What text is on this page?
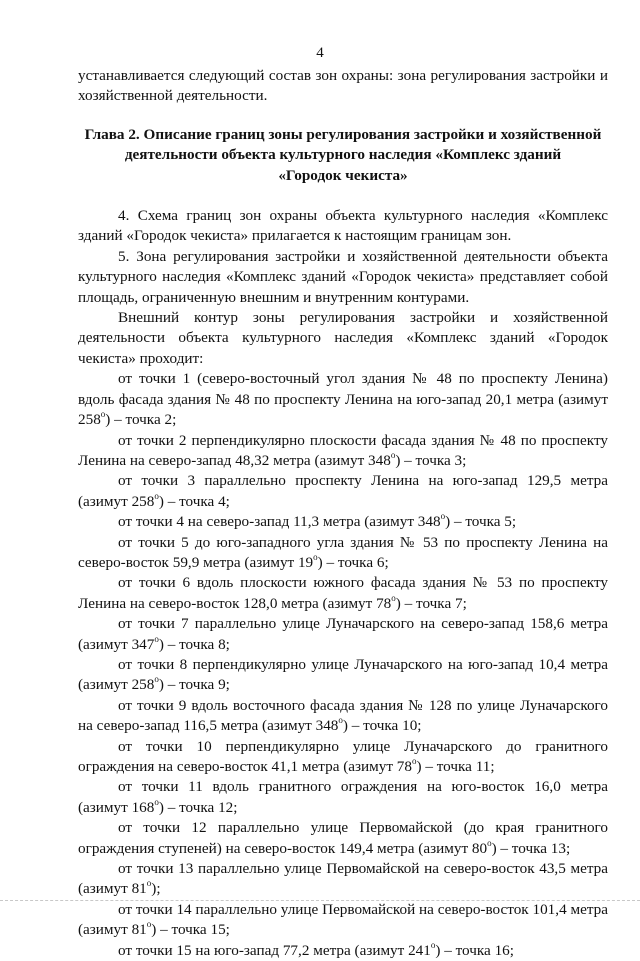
4

устанавливается следующий состав зон охраны: зона регулирования застройки и хозяйственной деятельности.

Глава 2. Описание границ зоны регулирования застройки и хозяйственной
деятельности объекта культурного наследия «Комплекс зданий
«Городок чекиста»

4. Схема границ зон охраны объекта культурного наследия «Комплекс зданий «Городок чекиста» прилагается к настоящим границам зон.

5. Зона регулирования застройки и хозяйственной деятельности объекта культурного наследия «Комплекс зданий «Городок чекиста» представляет собой площадь, ограниченную внешним и внутренним контурами.

Внешний контур зоны регулирования застройки и хозяйственной деятельности объекта культурного наследия «Комплекс зданий «Городок чекиста» проходит:

от точки 1 (северо-восточный угол здания № 48 по проспекту Ленина) вдоль фасада здания № 48 по проспекту Ленина на юго-запад 20,1 метра (азимут 258$^o$) – точка 2;

от точки 2 перпендикулярно плоскости фасада здания № 48 по проспекту Ленина на северо-запад 48,32 метра (азимут 348$^o$) – точка 3;

от точки 3 параллельно проспекту Ленина на юго-запад 129,5 метра (азимут 258$^o$) – точка 4;

от точки 4 на северо-запад 11,3 метра (азимут 348$^o$) – точка 5;

от точки 5 до юго-западного угла здания № 53 по проспекту Ленина на северо-восток 59,9 метра (азимут 19$^o$) – точка 6;

от точки 6 вдоль плоскости южного фасада здания № 53 по проспекту Ленина на северо-восток 128,0 метра (азимут 78$^o$) – точка 7;

от точки 7 параллельно улице Луначарского на северо-запад 158,6 метра (азимут 347$^o$) – точка 8;

от точки 8 перпендикулярно улице Луначарского на юго-запад 10,4 метра (азимут 258$^o$) – точка 9;

от точки 9 вдоль восточного фасада здания № 128 по улице Луначарского на северо-запад 116,5 метра (азимут 348$^o$) – точка 10;

от точки 10 перпендикулярно улице Луначарского до гранитного ограждения на северо-восток 41,1 метра (азимут 78$^o$) – точка 11;

от точки 11 вдоль гранитного ограждения на юго-восток 16,0 метра (азимут 168$^o$) – точка 12;

от точки 12 параллельно улице Первомайской (до края гранитного ограждения ступеней) на северо-восток 149,4 метра (азимут 80$^o$) – точка 13;

от точки 13 параллельно улице Первомайской на северо-восток 43,5 метра (азимут 81$^o$);

от точки 14 параллельно улице Первомайской на северо-восток 101,4 метра (азимут 81$^o$) – точка 15;

от точки 15 на юго-запад 77,2 метра (азимут 241$^o$) – точка 16;
